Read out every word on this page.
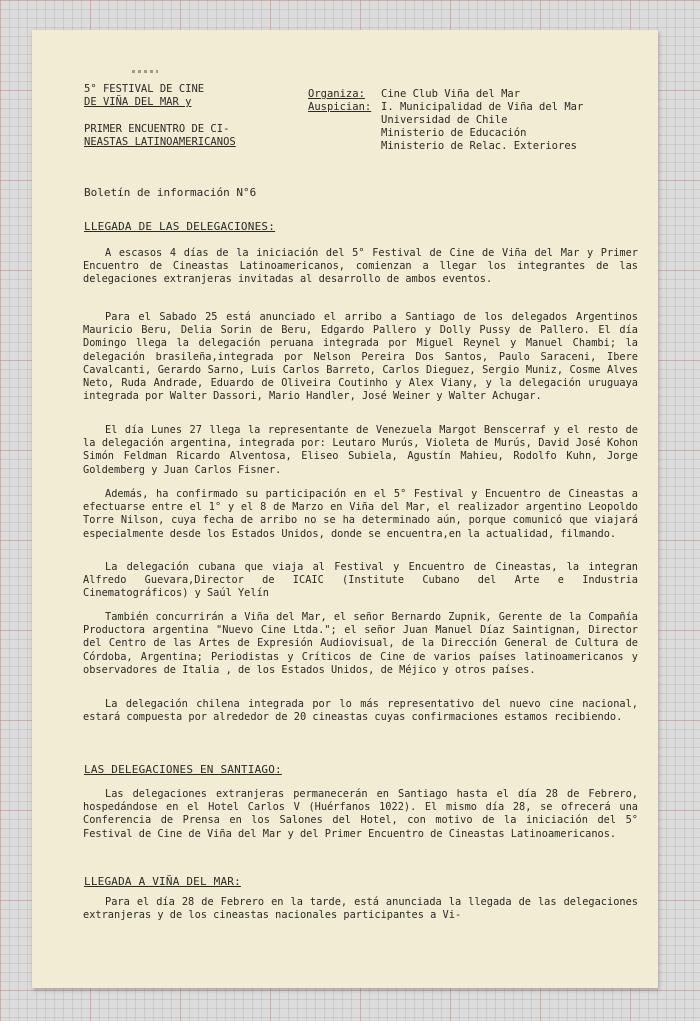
5° FESTIVAL DE CINE
DE VIÑA DEL MAR y
PRIMER ENCUENTRO DE CI-
NEASTAS LATINOAMERICANOS
Organiza: Cine Club Viña del Mar
Auspician: I. Municipalidad de Viña del Mar
Universidad de Chile
Ministerio de Educación
Ministerio de Relac. Exteriores
Boletín de información N°6
LLEGADA DE LAS DELEGACIONES:

A escasos 4 días de la iniciación del 5° Festival de Cine de Viña del Mar y Primer Encuentro de Cineastas Latinoamericanos, comienzan a llegar los integrantes de las delegaciones extranjeras invitadas al desarrollo de ambos eventos.

Para el Sabado 25 está anunciado el arribo a Santiago de los delegados Argentinos Mauricio Beru, Delia Sorin de Beru, Edgardo Pallero y Dolly Pussy de Pallero. El día Domingo llega la delegación peruana integrada por Miguel Reynel y Manuel Chambi; la delegación brasileña,integrada por Nelson Pereira Dos Santos, Paulo Saraceni, Ibere Cavalcanti, Gerardo Sarno, Luis Carlos Barreto, Carlos Dieguez, Sergio Muniz, Cosme Alves Neto, Ruda Andrade, Eduardo de Oliveira Coutinho y Alex Viany, y la delegación uruguaya integrada por Walter Dassori, Mario Handler, José Weiner y Walter Achugar.

El día Lunes 27 llega la representante de Venezuela Margot Benscerraf y el resto de la delegación argentina, integrada por: Leutaro Murús, Violeta de Murús, David José Kohon Simón Feldman Ricardo Alventosa, Eliseo Subiela, Agustín Mahieu, Rodolfo Kuhn, Jorge Goldemberg y Juan Carlos Fisner.

Además, ha confirmado su participación en el 5° Festival y Encuentro de Cineastas a efectuarse entre el 1° y el 8 de Marzo en Viña del Mar, el realizador argentino Leopoldo Torre Nilson, cuya fecha de arribo no se ha determinado aún, porque comunicó que viajará especialmente desde los Estados Unidos, donde se encuentra,en la actualidad, filmando.

La delegación cubana que viaja al Festival y Encuentro de Cineastas, la integran Alfredo Guevara,Director de ICAIC (Institute Cubano del Arte e Industria Cinematográficos) y Saúl Yelín

También concurrirán a Viña del Mar, el señor Bernardo Zupnik, Gerente de la Compañía Productora argentina "Nuevo Cine Ltda."; el señor Juan Manuel Díaz Saintignan, Director del Centro de las Artes de Expresión Audiovisual, de la Dirección General de Cultura de Córdoba, Argentina; Periodistas y Críticos de Cine de varios países latinoamericanos y observadores de Italia , de los Estados Unidos, de Méjico y otros países.

La delegación chilena integrada por lo más representativo del nuevo cine nacional, estará compuesta por alrededor de 20 cineastas cuyas confirmaciones estamos recibiendo.

LAS DELEGACIONES EN SANTIAGO:

Las delegaciones extranjeras permanecerán en Santiago hasta el día 28 de Febrero, hospedándose en el Hotel Carlos V (Huérfanos 1022). El mismo día 28, se ofrecerá una Conferencia de Prensa en los Salones del Hotel, con motivo de la iniciación del 5° Festival de Cine de Viña del Mar y del Primer Encuentro de Cineastas Latinoamericanos.

LLEGADA A VIÑA DEL MAR:

Para el día 28 de Febrero en la tarde, está anunciada la llegada de las delegaciones extranjeras y de los cineastas nacionales participantes a Vi-
